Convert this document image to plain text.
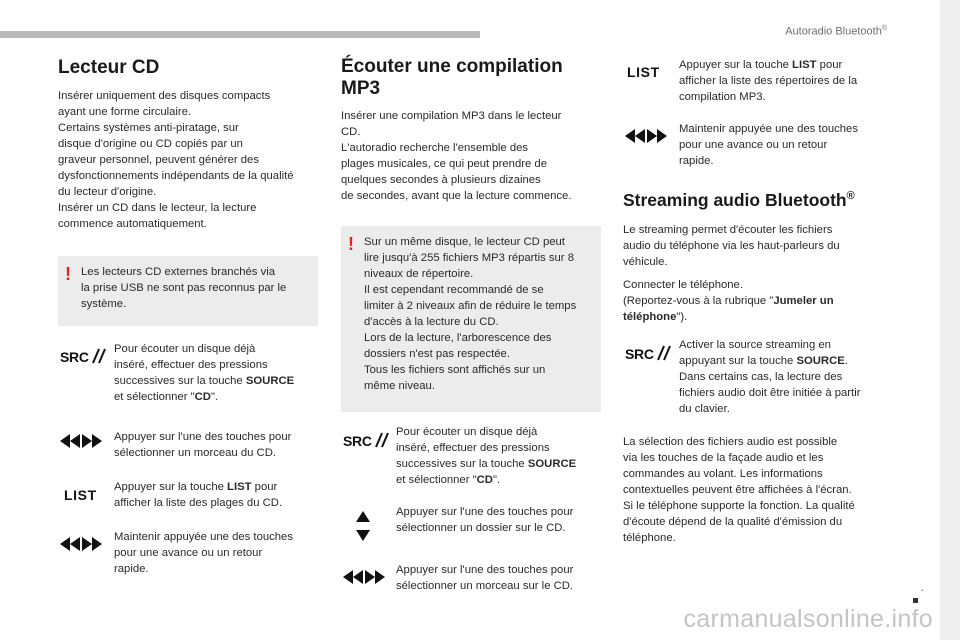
Autoradio Bluetooth®
.
carmanualsonline.info
Lecteur CD
Insérer uniquement des disques compacts
ayant une forme circulaire.
Certains systèmes anti-piratage, sur
disque d'origine ou CD copiés par un
graveur personnel, peuvent générer des
dysfonctionnements indépendants de la qualité
du lecteur d'origine.
Insérer un CD dans le lecteur, la lecture
commence automatiquement.
! Les lecteurs CD externes branchés via
la prise USB ne sont pas reconnus par le
système.
SRC	Pour écouter un disque déjà
inséré, effectuer des pressions
successives sur la touche SOURCE
et sélectionner "CD".
Appuyer sur l'une des touches pour
sélectionner un morceau du CD.
LIST Appuyer sur la touche LIST pour
afficher la liste des plages du CD.
Maintenir appuyée une des touches
pour une avance ou un retour
rapide.
Écouter une compilation
MP3
Insérer une compilation MP3 dans le lecteur
CD.
L'autoradio recherche l'ensemble des
plages musicales, ce qui peut prendre de
quelques secondes à plusieurs dizaines
de secondes, avant que la lecture commence.
! Sur un même disque, le lecteur CD peut
lire jusqu'à 255 fichiers MP3 répartis sur 8
niveaux de répertoire.
Il est cependant recommandé de se
limiter à 2 niveaux afin de réduire le temps
d'accès à la lecture du CD.
Lors de la lecture, l'arborescence des
dossiers n'est pas respectée.
Tous les fichiers sont affichés sur un
même niveau.
SRC
Pour écouter un disque déjà
inséré, effectuer des pressions
successives sur la touche SOURCE
et sélectionner "CD".
Appuyer sur l'une des touches pour
sélectionner un dossier sur le CD.
Appuyer sur l'une des touches pour
sélectionner un morceau sur le CD.
LIST Appuyer sur la touche LIST pour
afficher la liste des répertoires de la
compilation MP3.
Maintenir appuyée une des touches
pour une avance ou un retour
rapide.
Streaming audio Bluetooth®
Le streaming permet d'écouter les fichiers
audio du téléphone via les haut-parleurs du
véhicule.
Connecter le téléphone.
(Reportez-vous à la rubrique "Jumeler un
téléphone").
SRC
Activer la source streaming en
appuyant sur la touche SOURCE.
Dans certains cas, la lecture des
fichiers audio doit être initiée à partir
du clavier.
La sélection des fichiers audio est possible
via les touches de la façade audio et les
commandes au volant. Les informations
contextuelles peuvent être affichées à l'écran.
Si le téléphone supporte la fonction. La qualité
d'écoute dépend de la qualité d'émission du
téléphone.
